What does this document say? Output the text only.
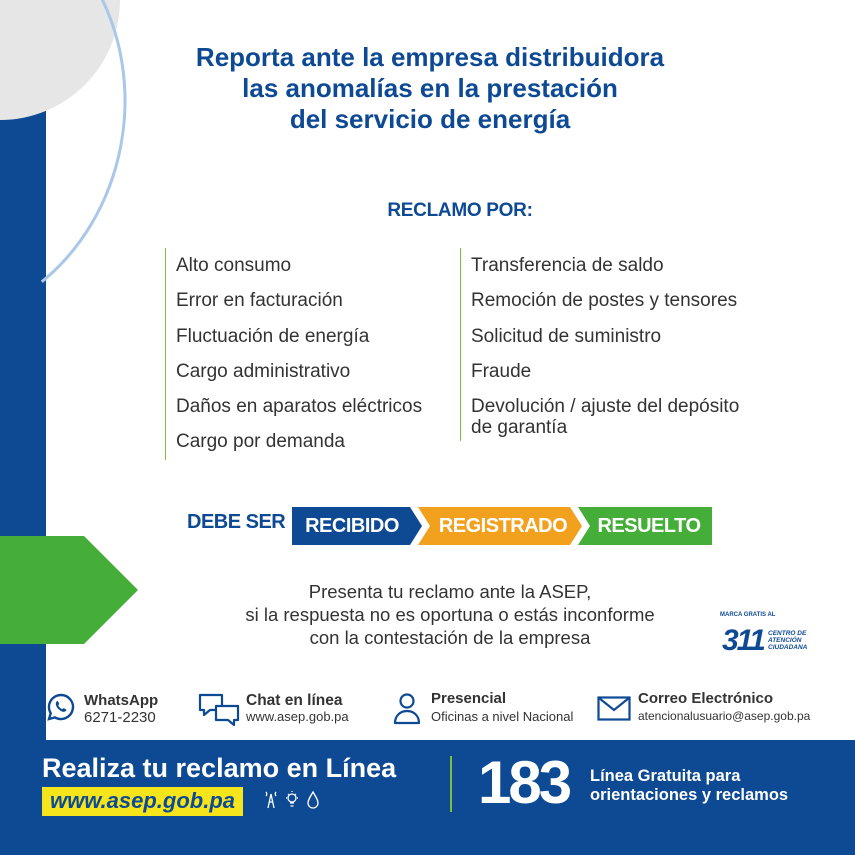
Reporta ante la empresa distribuidora
las anomalías en la prestación
del servicio de energía
RECLAMO POR:
Alto consumo
Error en facturación
Fluctuación de energía
Cargo administrativo
Daños en aparatos eléctricos
Cargo por demanda
Transferencia de saldo
Remoción de postes y tensores
Solicitud de suministro
Fraude
Devolución / ajuste del depósito
de garantía
DEBE SER RECIBIDO	REGISTRADO	RESUELTO
Presenta tu reclamo ante la ASEP,
si la respuesta no es oportuna o estás inconforme
con la contestación de la empresa
MARCA GRATIS AL
311 CENTRO DE
ATENCIÓN
CIUDADANA
WhatsApp
6271-2230
Chat en línea
www.asep.gob.pa
Presencial
Oficinas a nivel Nacional
Correo Electrónico
atencionalusuario@asep.gob.pa
Realiza tu reclamo en Línea
www.asep.gob.pa	183 Línea Gratuita para
orientaciones y reclamos
